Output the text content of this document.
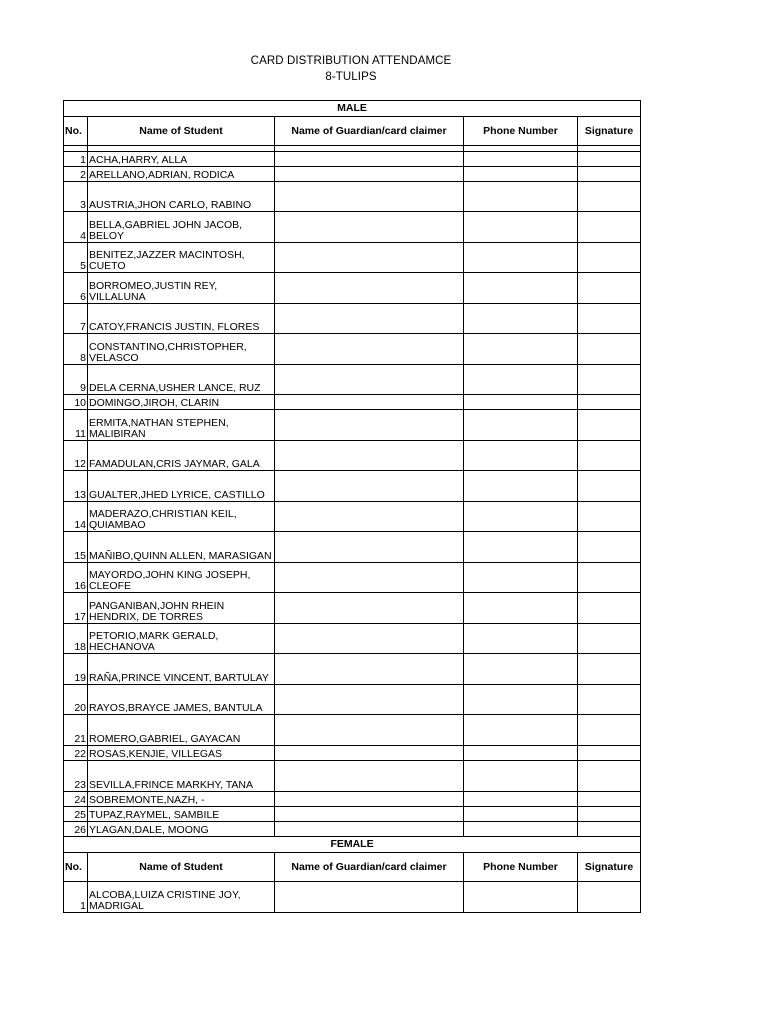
CARD DISTRIBUTION ATTENDAMCE
8-TULIPS
MALE				
No.	Name of Student	Name of Guardian/card claimer	Phone Number	Signature

1	ACHA,HARRY, ALLA			
2	ARELLANO,ADRIAN, RODICA			
3	AUSTRIA,JHON CARLO, RABINO			
4	BELLA,GABRIEL JOHN JACOB, BELOY			
5	BENITEZ,JAZZER MACINTOSH, CUETO			
6	BORROMEO,JUSTIN REY, VILLALUNA			
7	CATOY,FRANCIS JUSTIN, FLORES			
8	CONSTANTINO,CHRISTOPHER, VELASCO			
9	DELA CERNA,USHER LANCE, RUZ			
10	DOMINGO,JIROH, CLARIN			
11	ERMITA,NATHAN STEPHEN, MALIBIRAN			
12	FAMADULAN,CRIS JAYMAR, GALA			
13	GUALTER,JHED LYRICE, CASTILLO			
14	MADERAZO,CHRISTIAN KEIL, QUIAMBAO			
15	MAÑIBO,QUINN ALLEN, MARASIGAN			
16	MAYORDO,JOHN KING JOSEPH, CLEOFE			
17	PANGANIBAN,JOHN RHEIN HENDRIX, DE TORRES			
18	PETORIO,MARK GERALD, HECHANOVA			
19	RAÑA,PRINCE VINCENT, BARTULAY			
20	RAYOS,BRAYCE JAMES, BANTULA			
21	ROMERO,GABRIEL, GAYACAN			
22	ROSAS,KENJIE, VILLEGAS			
23	SEVILLA,FRINCE MARKHY, TANA			
24	SOBREMONTE,NAZH, -			
25	TUPAZ,RAYMEL, SAMBILE			
26	YLAGAN,DALE, MOONG			
FEMALE				
No.	Name of Student	Name of Guardian/card claimer	Phone Number	Signature
1	ALCOBA,LUIZA CRISTINE JOY, MADRIGAL			
